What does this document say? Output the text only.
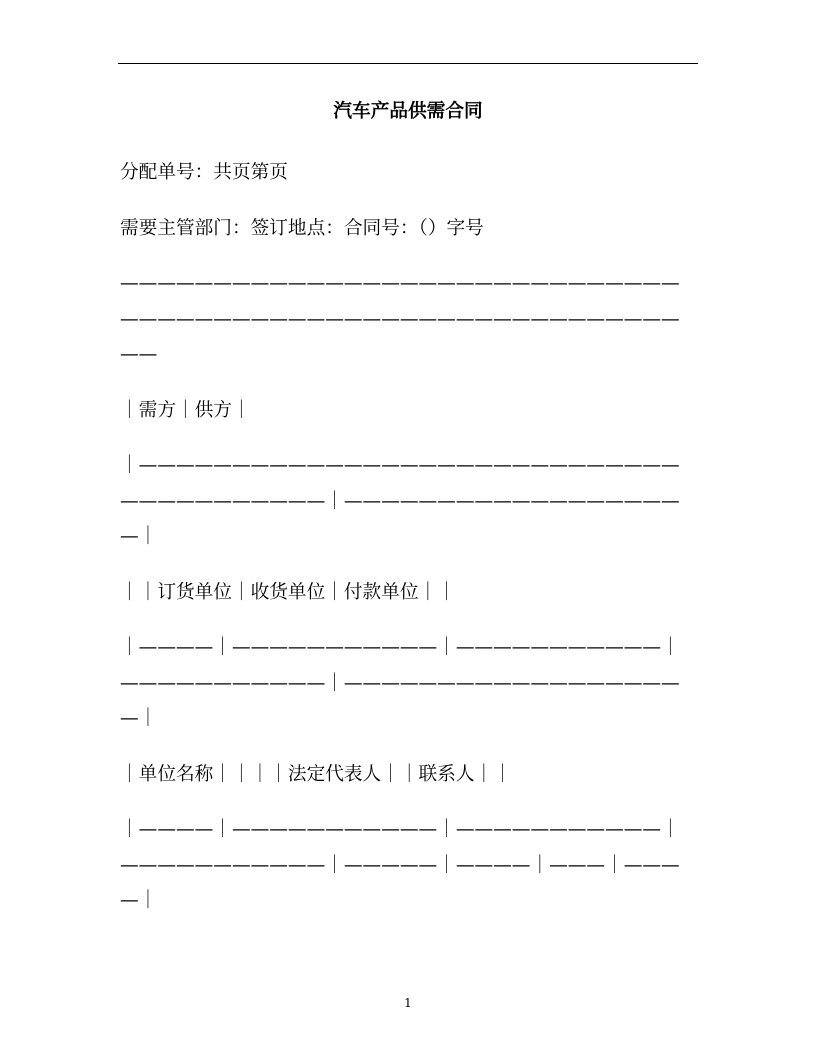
汽车产品供需合同
分配单号：共页第页
需要主管部门：签订地点：合同号：（）字号
——————————————————————————————
——————————————————————————————
——
｜需方｜供方｜
｜—————————————————————————————
———————————｜——————————————————
—｜
｜｜订货单位｜收货单位｜付款单位｜｜
｜————｜———————————｜———————————｜
———————————｜——————————————————
—｜
｜单位名称｜｜｜｜法定代表人｜｜联系人｜｜
｜————｜———————————｜———————————｜
———————————｜—————｜————｜———｜———
—｜
1
